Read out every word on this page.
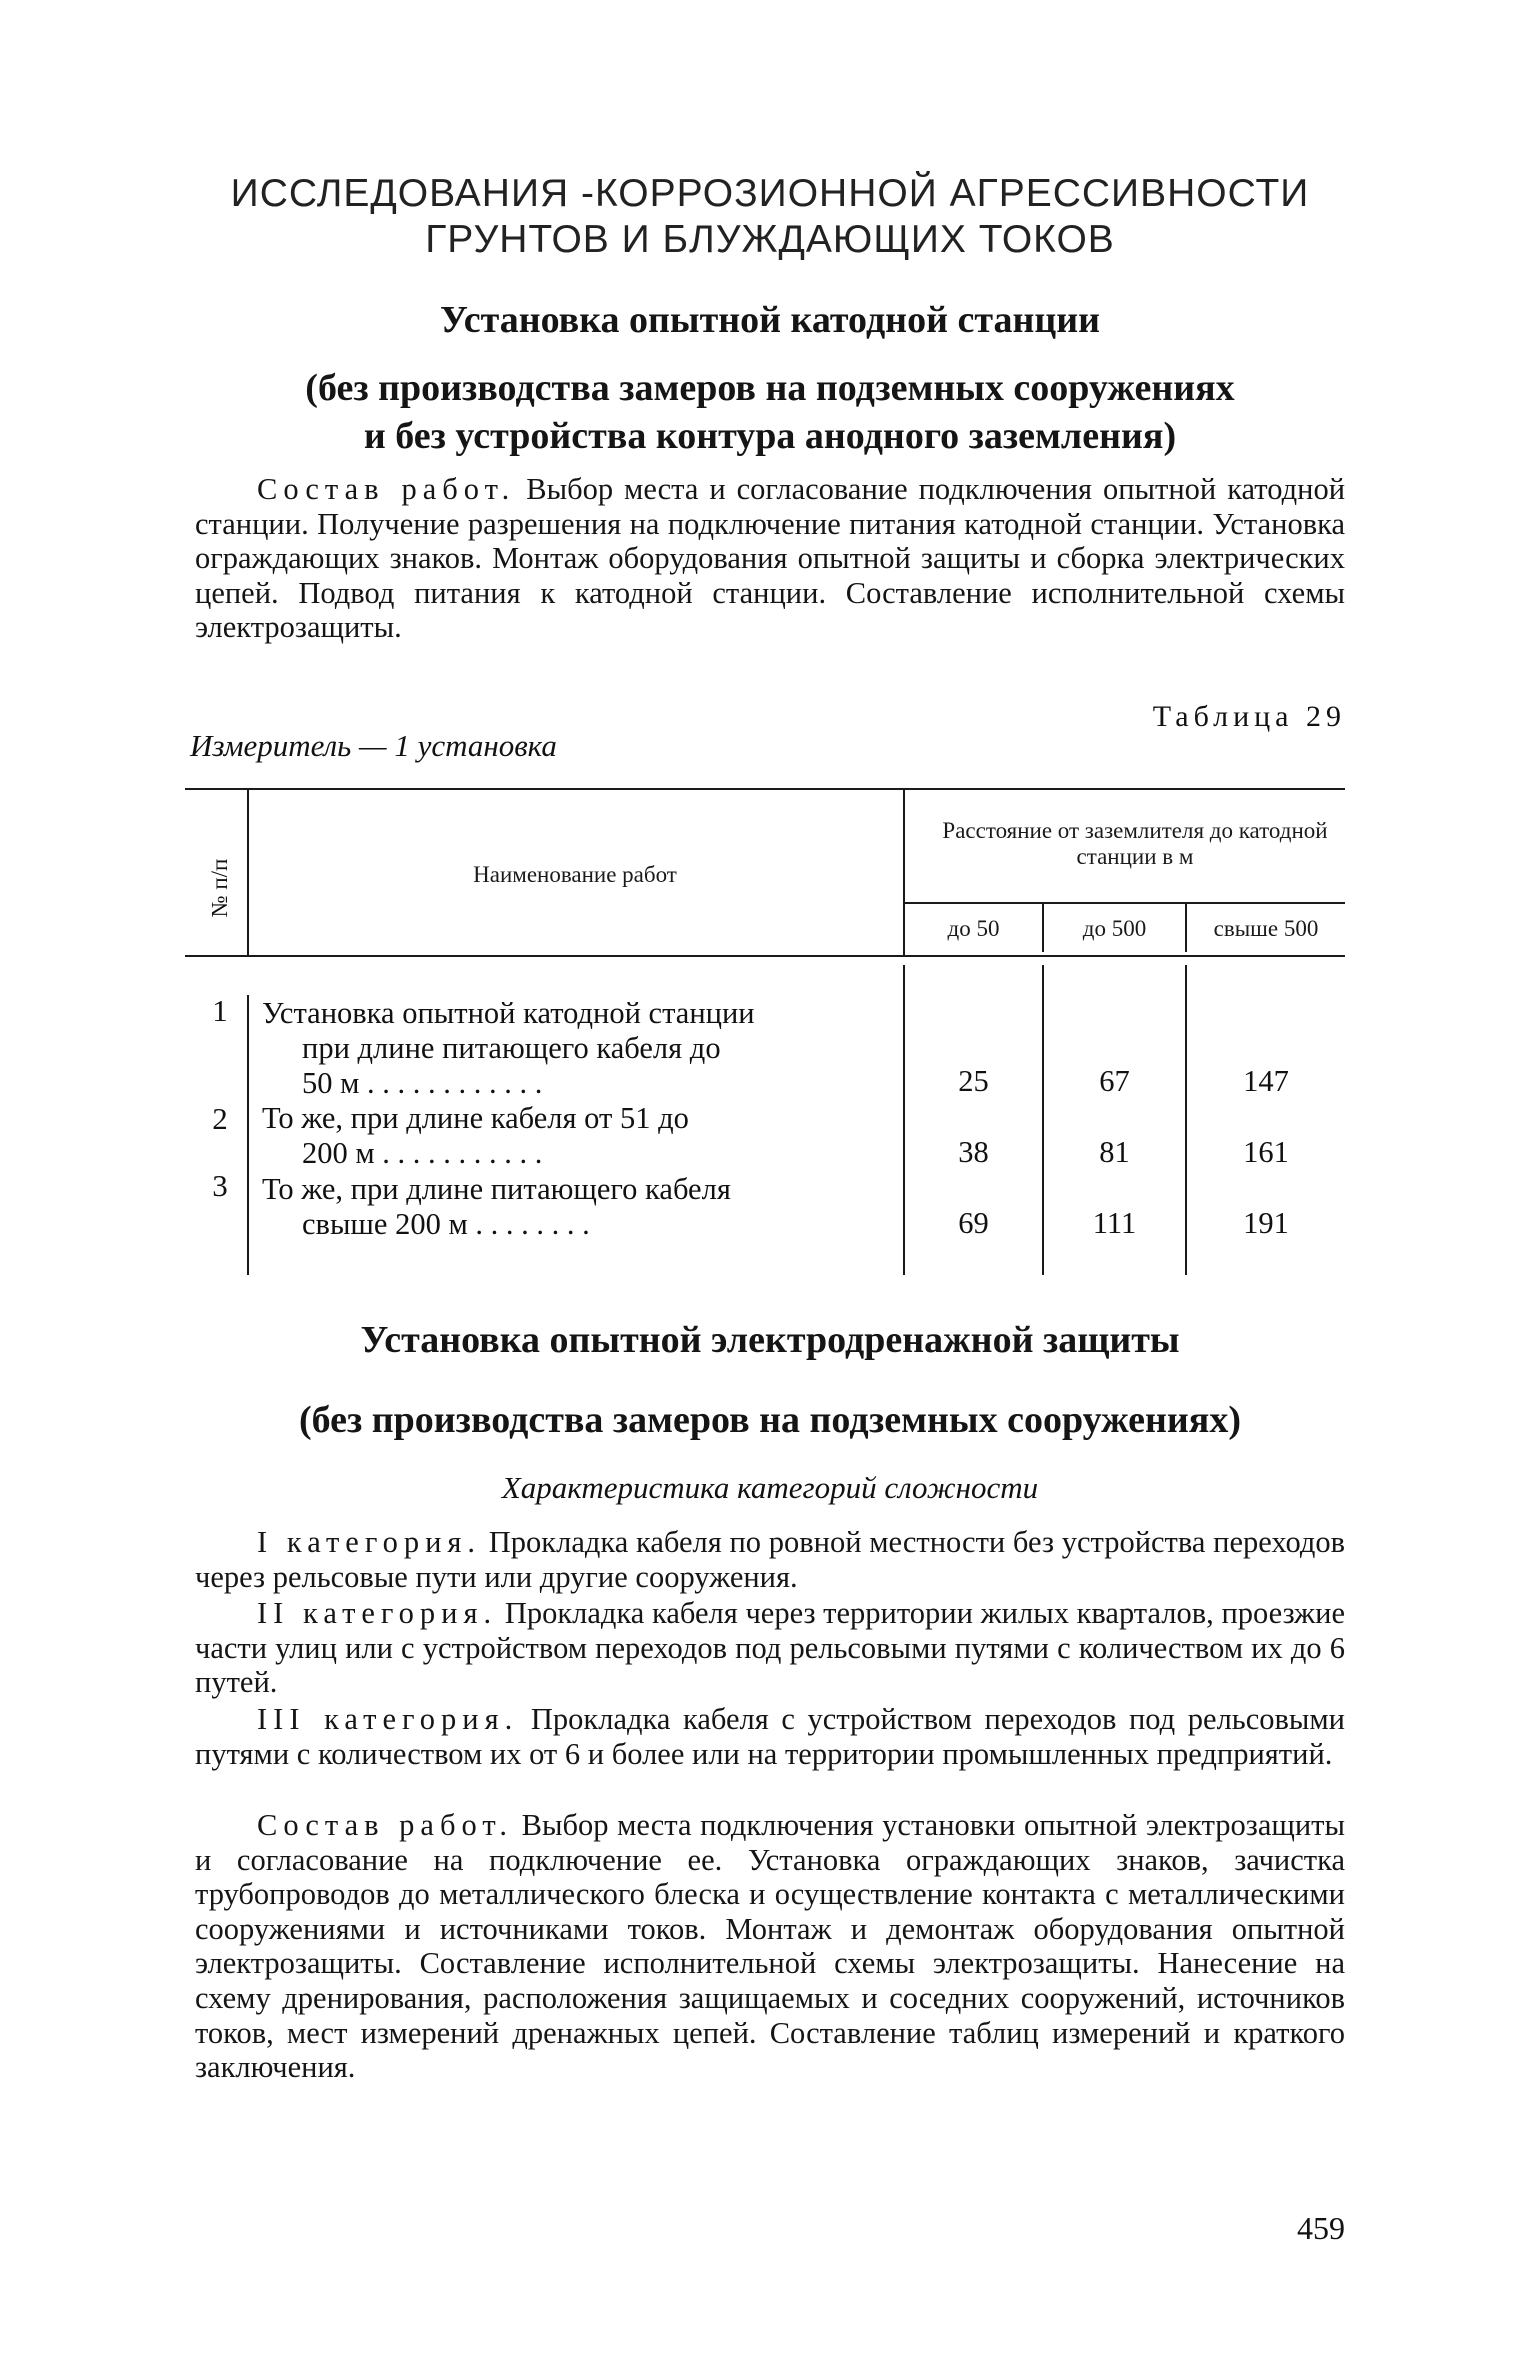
ИССЛЕДОВАНИЯ -КОРРОЗИОННОЙ АГРЕССИВНОСТИ

ГРУНТОВ И БЛУЖДАЮЩИХ ТОКОВ

Установка опытной катодной станции

(без производства замеров на подземных сооружениях

и без устройства контура анодного заземления)

Состав работ. Выбор места и согласование подключения опытной катодной станции. Получение разрешения на подключение питания катодной станции. Установка ограждающих знаков. Монтаж оборудования опытной защиты и сборка электрических цепей. Подвод питания к катодной станции. Составление исполнительной схемы электрозащиты.

Таблица 29

Измеритель — 1 установка

№ п/п	Наименование работ
Расстояние от заземлителя до катодной станции в м
до 50	до 500	свыше 500
1 Установка опытной катодной станции
при длине питающего кабеля до
50 м . . . . . . . . . . . .	25	67	147
2 То же, при длине кабеля от 51 до
200 м . . . . . . . . . . .	38	81	161
3 То же, при длине питающего кабеля
свыше 200 м . . . . . . . .	69	111	191

Установка опытной электродренажной защиты

(без производства замеров на подземных сооружениях)

Характеристика категорий сложности

I категория. Прокладка кабеля по ровной местности без устройства переходов через рельсовые пути или другие сооружения.

II категория. Прокладка кабеля через территории жилых кварталов, проезжие части улиц или с устройством переходов под рельсовыми путями с количеством их до 6 путей.

III категория. Прокладка кабеля с устройством переходов под рельсовыми путями с количеством их от 6 и более или на территории промышленных предприятий.

Состав работ. Выбор места подключения установки опытной электрозащиты и согласование на подключение ее. Установка ограждающих знаков, зачистка трубопроводов до металлического блеска и осуществление контакта с металлическими сооружениями и источниками токов. Монтаж и демонтаж оборудования опытной электрозащиты. Составление исполнительной схемы электрозащиты. Нанесение на схему дренирования, расположения защищаемых и соседних сооружений, источников токов, мест измерений дренажных цепей. Составление таблиц измерений и краткого заключения.

459
